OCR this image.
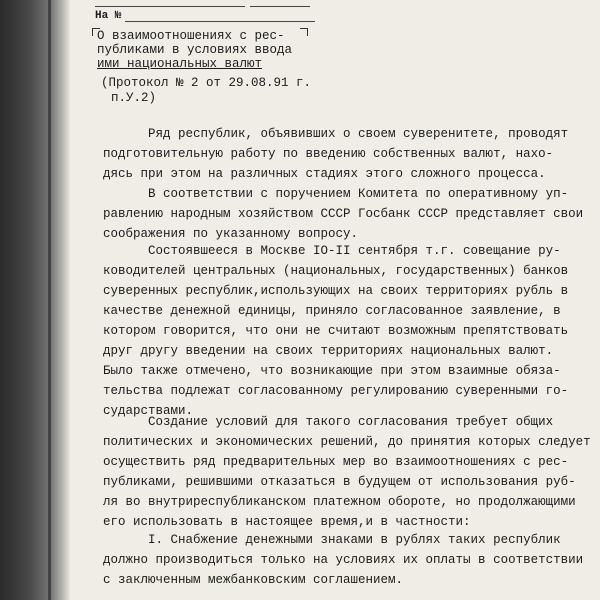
На №
О взаимоотношениях с рес-
публиками в условиях ввода
ими национальных валют
(Протокол № 2 от 29.08.91 г.
п.У.2)
Ряд республик, объявивших о своем суверенитете, проводят
подготовительную работу по введению собственных валют, нахо-
дясь при этом на различных стадиях этого сложного процесса.
В соответствии с поручением Комитета по оперативному уп-
равлению народным хозяйством СССР Госбанк СССР представляет свои
соображения по указанному вопросу.
Состоявшееся в Москве IO-II сентября т.г. совещание ру-
ководителей центральных (национальных, государственных) банков
суверенных республик,использующих на своих территориях рубль в
качестве денежной единицы, приняло согласованное заявление, в
котором говорится, что они не считают возможным препятствовать
друг другу введении на своих территориях национальных валют.
Было также отмечено, что возникающие при этом взаимные обяза-
тельства подлежат согласованному регулированию суверенными го-
сударствами.
Создание условий для такого согласования требует общих
политических и экономических решений, до принятия которых следует
осуществить ряд предварительных мер во взаимоотношениях с рес-
публиками, решившими отказаться в будущем от использования руб-
ля во внутриреспубликанском платежном обороте, но продолжающими
его использовать в настоящее время,и в частности:
I. Снабжение денежными знаками в рублях таких республик
должно производиться только на условиях их оплаты в соответствии
с заключенным межбанковским соглашением.
